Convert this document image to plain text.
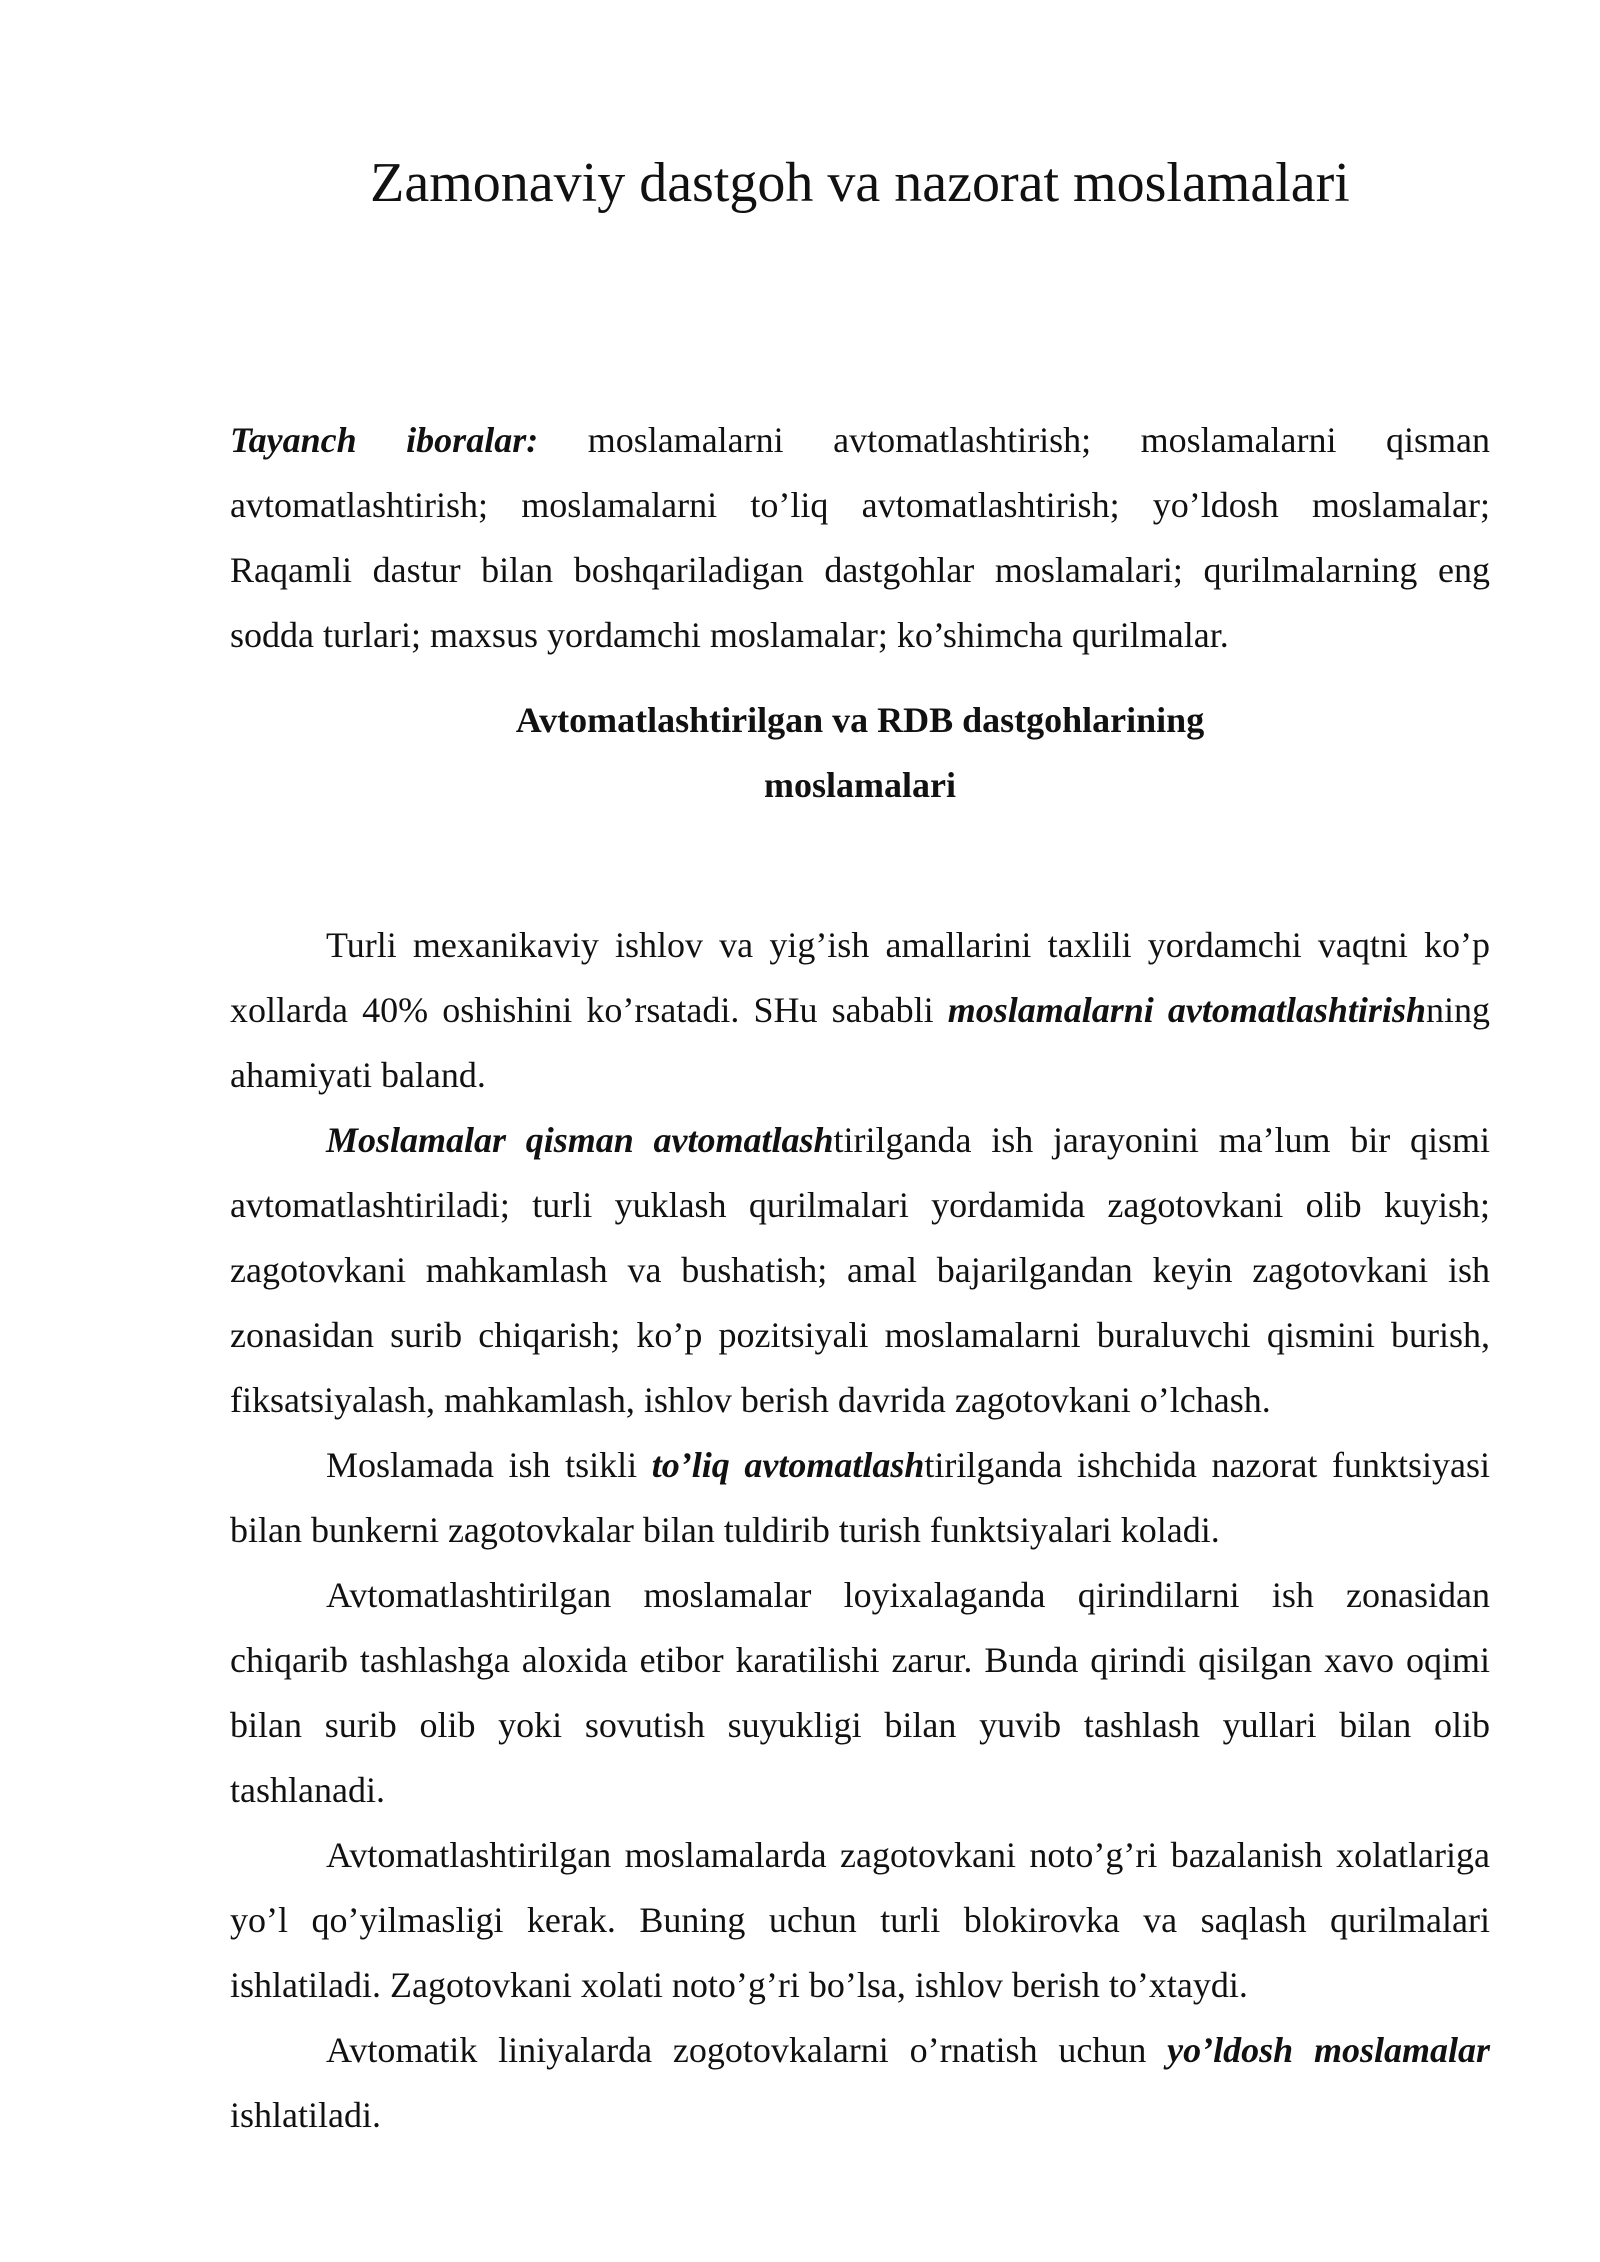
Zamonaviy dastgoh va nazorat moslamalari

Tayanch iboralar: moslamalarni avtomatlashtirish; moslamalarni qisman avtomatlashtirish; moslamalarni to’liq avtomatlashtirish; yo’ldosh moslamalar; Raqamli dastur bilan boshqariladigan dastgohlar moslamalari; qurilmalarning eng sodda turlari; maxsus yordamchi moslamalar; ko’shimcha qurilmalar.

Avtomatlashtirilgan va RDB dastgohlarining
moslamalari

Turli mexanikaviy ishlov va yig’ish amallarini taxlili yordamchi vaqtni ko’p xollarda 40% oshishini ko’rsatadi. SHu sababli moslamalarni avtomatlashtirishning ahamiyati baland.

Moslamalar qisman avtomatlashtirilganda ish jarayonini ma’lum bir qismi avtomatlashtiriladi; turli yuklash qurilmalari yordamida zagotovkani olib kuyish; zagotovkani mahkamlash va bushatish; amal bajarilgandan keyin zagotovkani ish zonasidan surib chiqarish; ko’p pozitsiyali moslamalarni buraluvchi qismini burish, fiksatsiyalash, mahkamlash, ishlov berish davrida zagotovkani o’lchash.

Moslamada ish tsikli to’liq avtomatlashtirilganda ishchida nazorat funktsiyasi bilan bunkerni zagotovkalar bilan tuldirib turish funktsiyalari koladi.

Avtomatlashtirilgan moslamalar loyixalaganda qirindilarni ish zonasidan chiqarib tashlashga aloxida etibor karatilishi zarur. Bunda qirindi qisilgan xavo oqimi bilan surib olib yoki sovutish suyukligi bilan yuvib tashlash yullari bilan olib tashlanadi.

Avtomatlashtirilgan moslamalarda zagotovkani noto’g’ri bazalanish xolatlariga yo’l qo’yilmasligi kerak. Buning uchun turli blokirovka va saqlash qurilmalari ishlatiladi. Zagotovkani xolati noto’g’ri bo’lsa, ishlov berish to’xtaydi.

Avtomatik liniyalarda zogotovkalarni o’rnatish uchun yo’ldosh moslamalar ishlatiladi.
